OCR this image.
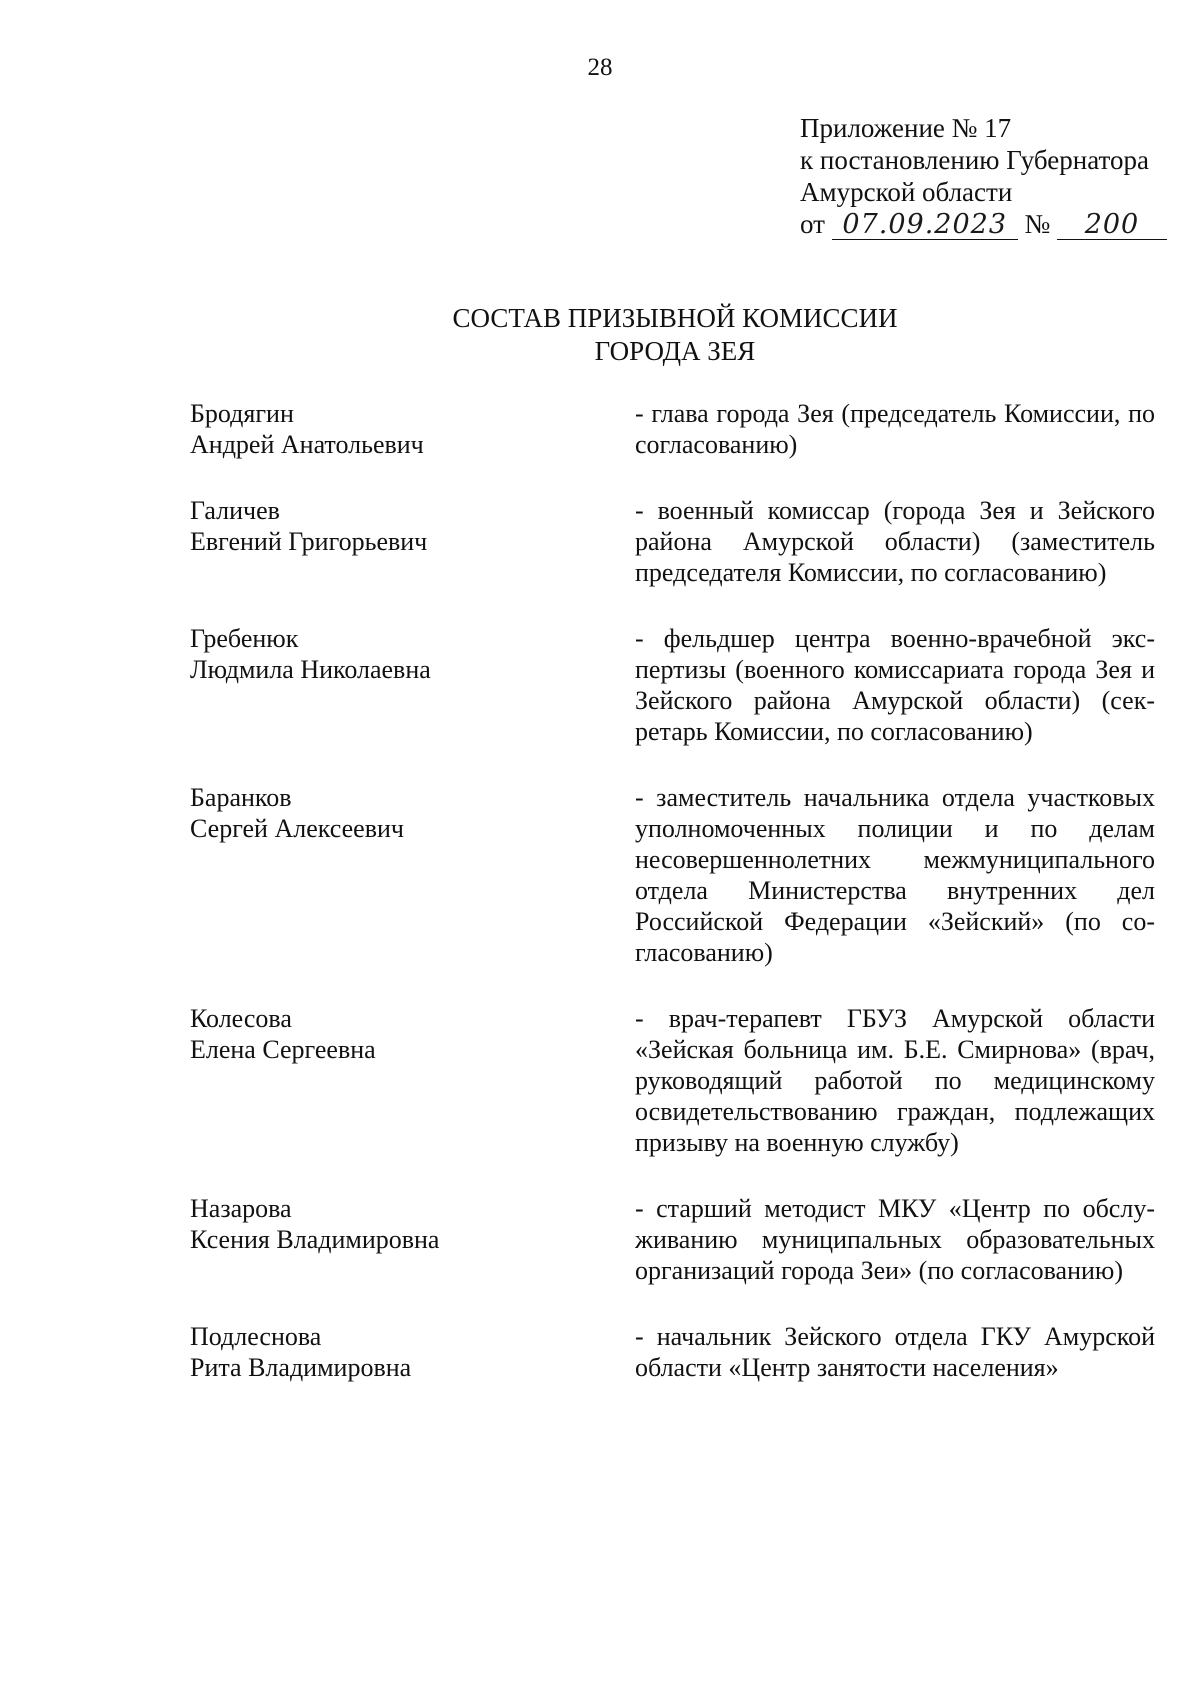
28
Приложение № 17
к постановлению Губернатора
Амурской области
от 07.09.2023 № 200
СОСТАВ ПРИЗЫВНОЙ КОМИССИИ
ГОРОДА ЗЕЯ
Бродягин
Андрей Анатольевич
- глава города Зея (председатель Комиссии, по согласованию)
Галичев
Евгений Григорьевич
- военный комиссар (города Зея и Зейского района Амурской области) (заместитель председателя Комиссии, по согласованию)
Гребенюк
Людмила Николаевна
- фельдшер центра военно-врачебной экспертизы (военного комиссариата города Зея и Зейского района Амурской области) (секретарь Комиссии, по согласованию)
Баранков
Сергей Алексеевич
- заместитель начальника отдела участковых уполномоченных полиции и по делам несовершеннолетних межмуниципального отдела Министерства внутренних дел Российской Федерации «Зейский» (по согласованию)
Колесова
Елена Сергеевна
- врач-терапевт ГБУЗ Амурской области «Зейская больница им. Б.Е. Смирнова» (врач, руководящий работой по медицинскому освидетельствованию граждан, подлежащих призыву на военную службу)
Назарова
Ксения Владимировна
- старший методист МКУ «Центр по обслуживанию муниципальных образовательных организаций города Зеи» (по согласованию)
Подлеснова
Рита Владимировна
- начальник Зейского отдела ГКУ Амурской области «Центр занятости населения»
